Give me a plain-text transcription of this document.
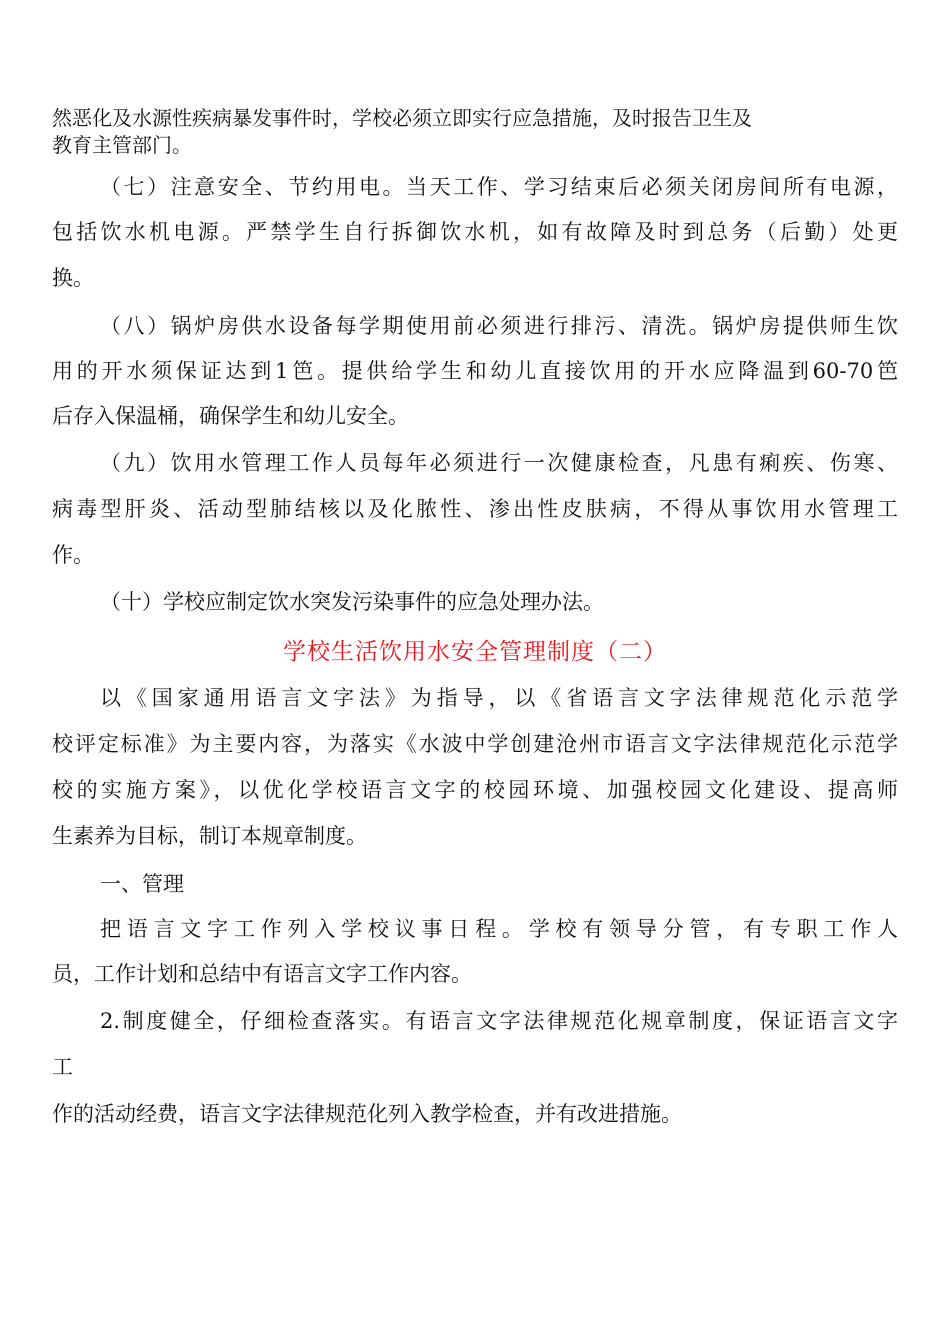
然恶化及水源性疾病暴发事件时，学校必须立即实行应急措施，及时报告卫生及
教育主管部门。
（七）注意安全、节约用电。当天工作、学习结束后必须关闭房间所有电源，
包括饮水机电源。严禁学生自行拆御饮水机，如有故障及时到总务（后勤）处更
换。
（八）锅炉房供水设备每学期使用前必须进行排污、清洗。锅炉房提供师生饮
用的开水须保证达到1笆。提供给学生和幼儿直接饮用的开水应降温到60-70笆
后存入保温桶，确保学生和幼儿安全。
（九）饮用水管理工作人员每年必须进行一次健康检查，凡患有痢疾、伤寒、
病毒型肝炎、活动型肺结核以及化脓性、渗出性皮肤病，不得从事饮用水管理工
作。
（十）学校应制定饮水突发污染事件的应急处理办法。
学校生活饮用水安全管理制度（二）
以《国家通用语言文字法》为指导，以《省语言文字法律规范化示范学
校评定标准》为主要内容，为落实《水波中学创建沧州市语言文字法律规范化示范学
校的实施方案》，以优化学校语言文字的校园环境、加强校园文化建设、提高师
生素养为目标，制订本规章制度。
一、管理
把语言文字工作列入学校议事日程。学校有领导分管，有专职工作人
员，工作计划和总结中有语言文字工作内容。
2.制度健全，仔细检查落实。有语言文字法律规范化规章制度，保证语言文字
工
作的活动经费，语言文字法律规范化列入教学检查，并有改进措施。
